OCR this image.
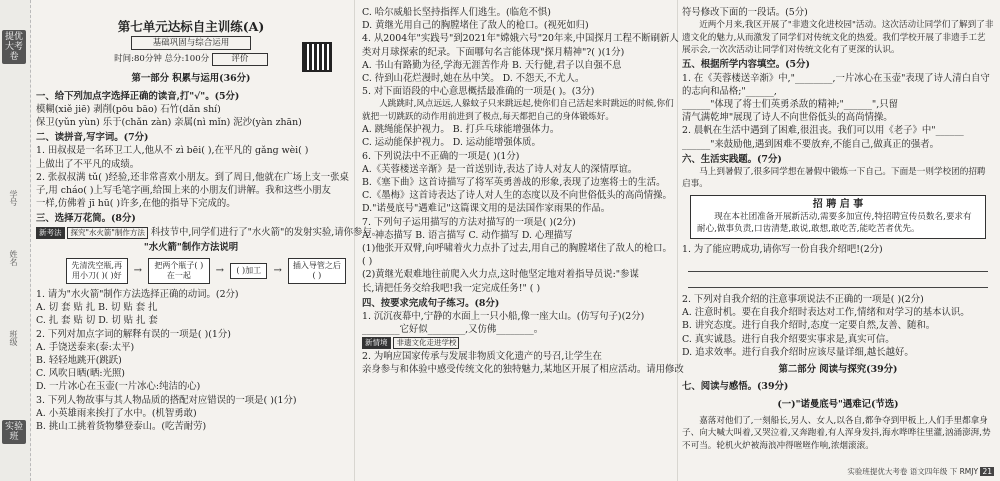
提优大考卷
学号
姓名
班级
实验班
第七单元达标自主训练(A)
基础巩固与综合运用
时间:80分钟 总分:100分	评价
第一部分 积累与运用(36分)
一、给下列加点字选择正确的读音,打"√"。(5分)
模糊(xiě jiē) 剥削(pōu bāo) 石竹(dǎn shí)
保卫(yǔn yùn) 乐于(chǎn zàn) 亲属(nì mǐn) 泥沙(yàn zhān)
二、读拼音,写字词。(7分)
1. 田叔叔是一名环卫工人,他从不 zì bēi( ),在平凡的 gǎng wèi( )
上做出了不平凡的成绩。
2. 张叔叔满 tǔ( )经验,还非常喜欢小朋友。到了周日,他就在广场上支一张桌
子,用 cháo( )上写毛笔字画,给围上来的小朋友们讲解。我和这些小朋友
一样,仿佛着 jī hū( )许多,在他的指导下完成的。
三、选择万花筒。(8分)
新考法 探究"水火箭"制作方法 科技节中,同学们进行了"水火箭"的发射实验,请你参与。
"水火箭"制作方法说明
先清洗空瓶,再用小刀( )( )好	→	把两个瓶子( )在一起	→	( )加工	→	插入导管之后( )
1. 请为"水火箭"制作方法选择正确的动词。(2分)
A. 切 套 贴 扎 B. 切 贴 套 扎
C. 扎 套 贴 切 D. 切 贴 扎 套
2. 下列对加点字词的解释有误的一项是( )(1分)
A. 手饶送泰来(泰:太平)
B. 轻轻地跳开(跳跃)
C. 风吹日晒(晒:光照)
D. 一片冰心在玉壶(一片冰心:纯洁的心)
3. 下列人物故事与其人物品质的搭配对应错误的一项是( )(1分)
A. 小英雄雨来挨打了水中。(机智勇敢)
B. 挑山工挑着货物攀登泰山。(吃苦耐劳)
C. 哈尔威船长坚持指挥人们逃生。(临危不惧)
D. 黄继光用自己的胸膛堵住了敌人的枪口。(视死如归)
4. 从2004年"实践号"到2021年"嫦娥六号"20年来,中国探月工程不断刷新人
类对月球探索的纪录。下面哪句名言能体现"探月精神"?( )(1分)
A. 书山有路勤为径,学海无涯苦作舟 B. 天行健,君子以自强不息
C. 待到山花烂漫时,她在丛中笑。 D. 不怨天,不尤人。
5. 对下面语段的中心意思概括最准确的一项是( )。(3分)
人跳跳时,风点远远,人躲蚊子只来跳远起,使你们自己活起来时跳远的时候,你们就把一切跳跃的动作用前进到了极点,每天都把自己的身体锻炼好。
A. 跳绳能保护视力。 B. 打乒乓球能增强体力。
C. 运动能保护视力。 D. 运动能增强体质。
6. 下列说法中不正确的一项是( )(1分)
A.《芙蓉楼送辛渐》是一首送别诗,表达了诗人对友人的深情厚谊。
B.《塞下曲》这首诗描写了将军英勇善战的形象,表现了边塞将士的生活。
C.《墨梅》这首诗表达了诗人对人生的态度以及不向世俗低头的高尚情操。
D."诺曼底号"遇难记"这篇课文用的是法国作家雨果的作品。
7. 下列句子运用描写的方法对描写的一项是( )(2分)
A. 神态描写 B. 语言描写 C. 动作描写 D. 心理描写
(1)他张开双臂,向呼啸着火力点扑了过去,用自己的胸膛堵住了敌人的枪口。
( )
(2)黄继光艰难地往前爬入火力点,这时他坚定地对着指导员说:"参谋
长,请把任务交给我吧!我一定完成任务!" ( )
四、按要求完成句子练习。(8分)
1. 沉沉夜幕中,宁静的水面上一只小船,像一座大山。(仿写句子)(2分)
________它好似________,又仿佛________。
新情境 非遗文化走进学校
2. 为响应国家传承与发展非物质文化遗产的号召,让学生在
亲身参与和体验中感受传统文化的独特魅力,某地区开展了相应活动。请用修改
符号修改下面的一段话。(5分)
近两个月来,我区开展了"非遗文化进校园"活动。这次活动让同学们了解到了非遗文化的魅力,从而激发了同学们对传统文化的热爱。我们学校开展了非遗手工艺展示会,一次次活动让同学们对传统文化有了更深的认识。
五、根据所学内容填空。(5分)
1. 在《芙蓉楼送辛渐》中,"________,一片冰心在玉壶"表现了诗人清白自守的志向和品格;"______,
______"体现了将士们英勇杀敌的精神;"______",只留
清气满乾坤"展现了诗人不向世俗低头的高尚情操。
2. 晨帆在生活中遇到了困难,很沮丧。我们可以用《老子》中"______
______"来鼓励他,遇到困难不要放弃,不能自己,做真正的强者。
六、生活实践题。(7分)
马上到暑假了,很多同学想在暑假中锻炼一下自己。下面是一则学校团的招聘启事。
招 聘 启 事
现在本社团准备开展新活动,需要多加宣传,特招聘宣传员数名,要求有耐心,做事负责,口齿清楚,敢说,敢想,敢吃苦,能吃苦者优先。
1. 为了能应聘成功,请你写一份自我介绍吧!(2分)
2. 下列对自我介绍的注意事项说法不正确的一项是( )(2分)
A. 注意时机。要在自我介绍时表达对工作,情绪和对学习的基本认识。
B. 讲究态度。进行自我介绍时,态度一定要自然,友善、随和。
C. 真实诚恳。进行自我介绍要实事求是,真实可信。
D. 追求效率。进行自我介绍时应该尽量详细,越长越好。
第二部分 阅读与探究(39分)
七、阅读与感悟。(39分)
(一)"诺曼底号"遇难记(节选)
嘉落对他们了,一刻船长,另人、女人,以各自,都争夺到甲板上,人们手里都拿身子、向大喊大叫着,又哭泣着,又奔跑着,有人浑身发抖,海水哗哗往里灌,汹涌澎湃,势不可当。轮机火炉被海浪冲得咝咝作响,浓烟滚滚。
实验班提优大考卷 语文四年级 下 RMJY 21
